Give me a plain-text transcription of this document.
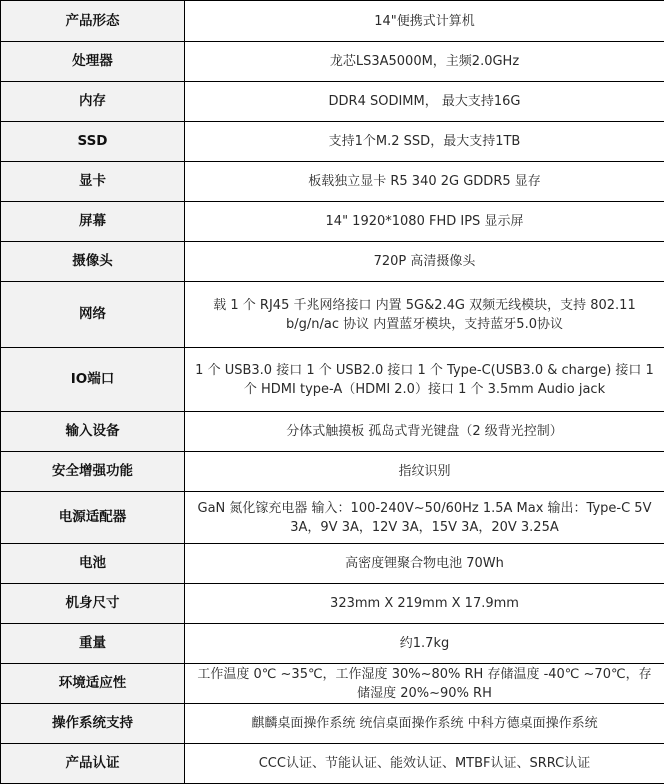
产品形态	14"便携式计算机
处理器	龙芯LS3A5000M，主频2.0GHz
内存	DDR4 SODIMM， 最大支持16G
SSD	支持1个M.2 SSD，最大支持1TB
显卡	板载独立显卡 R5 340 2G GDDR5 显存
屏幕	14" 1920*1080 FHD IPS 显示屏
摄像头	720P 高清摄像头
网络	载 1 个 RJ45 千兆网络接口 内置 5G&2.4G 双频无线模块，支持 802.11 b/g/n/ac 协议 内置蓝牙模块，支持蓝牙5.0协议
IO端口	1 个 USB3.0 接口 1 个 USB2.0 接口 1 个 Type-C(USB3.0 & charge) 接口 1 个 HDMI type-A（HDMI 2.0）接口 1 个 3.5mm Audio jack
输入设备	分体式触摸板 孤岛式背光键盘（2 级背光控制）
安全增强功能	指纹识别
电源适配器	GaN 氮化镓充电器 输入：100-240V~50/60Hz 1.5A Max 输出：Type-C 5V 3A，9V 3A，12V 3A，15V 3A，20V 3.25A
电池	高密度锂聚合物电池 70Wh
机身尺寸	323mm X 219mm X 17.9mm
重量	约1.7kg
环境适应性	工作温度 0℃ ~35℃，工作湿度 30%~80% RH 存储温度 -40℃ ~70℃，存储湿度 20%~90% RH
操作系统支持	麒麟桌面操作系统 统信桌面操作系统 中科方德桌面操作系统
产品认证	CCC认证、节能认证、能效认证、MTBF认证、SRRC认证
